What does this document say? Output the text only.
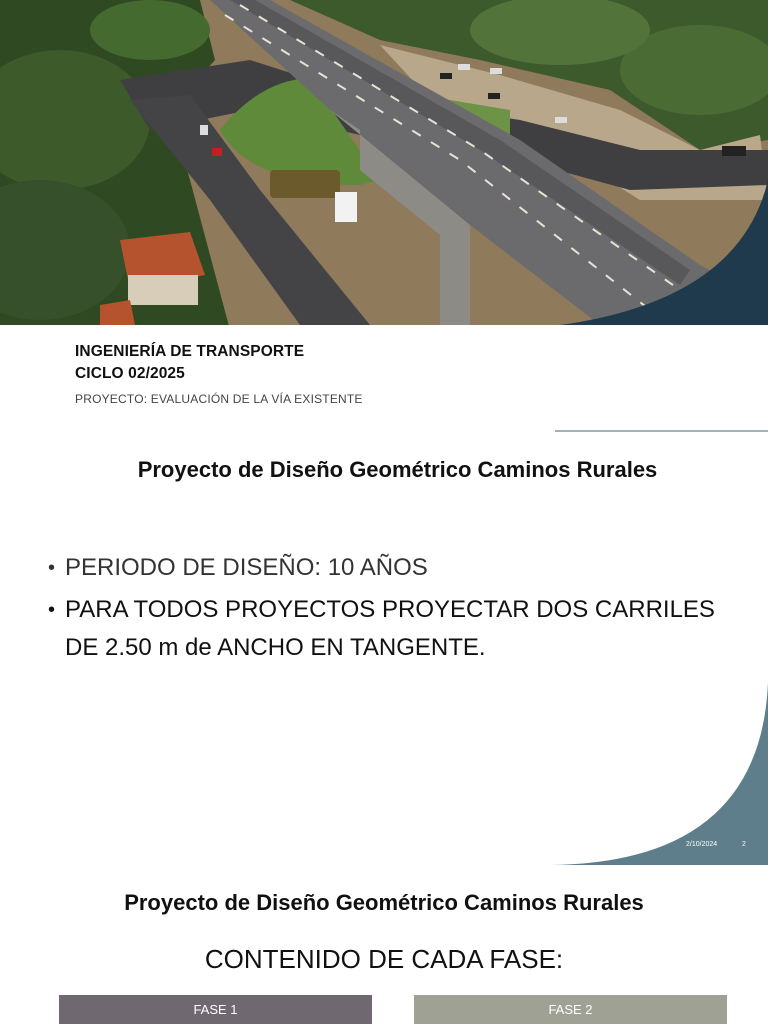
INGENIERÍA DE TRANSPORTE
CICLO 02/2025
PROYECTO: EVALUACIÓN DE LA VÍA EXISTENTE
Proyecto de Diseño Geométrico Caminos Rurales
• PERIODO DE DISEÑO: 10 AÑOS
• PARA TODOS PROYECTOS PROYECTAR DOS CARRILES DE 2.50 m de ANCHO EN TANGENTE.
2/10/2024	2
Proyecto de Diseño Geométrico Caminos Rurales
CONTENIDO DE CADA FASE:
FASE 1	FASE 2
